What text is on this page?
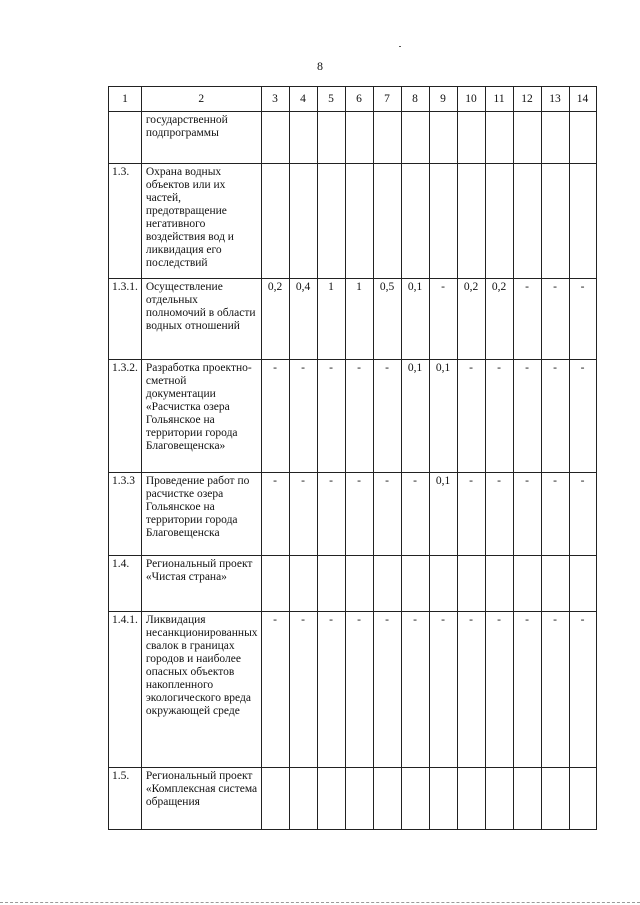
8
1	2	3	4	5	6	7	8	9	10	11	12	13	14
	государственной подпрограммы												
1.3.	Охрана водных объектов или их частей, предотвращение негативного воздействия вод и ликвидация его последствий												
1.3.1.	Осуществление отдельных полномочий в области водных отношений	0,2	0,4	1	1	0,5	0,1	-	0,2	0,2	-	-	-
1.3.2.	Разработка проектно-сметной документации «Расчистка озера Гольянское на территории города Благовещенска»	-	-	-	-	-	0,1	0,1	-	-	-	-	-
1.3.3	Проведение работ по расчистке озера Гольянское на территории города Благовещенска	-	-	-	-	-	-	0,1	-	-	-	-	-
1.4.	Региональный проект «Чистая страна»												
1.4.1.	Ликвидация несанкционированных свалок в границах городов и наиболее опасных объектов накопленного экологического вреда окружающей среде	-	-	-	-	-	-	-	-	-	-	-	-
1.5.	Региональный проект «Комплексная система обращения												
